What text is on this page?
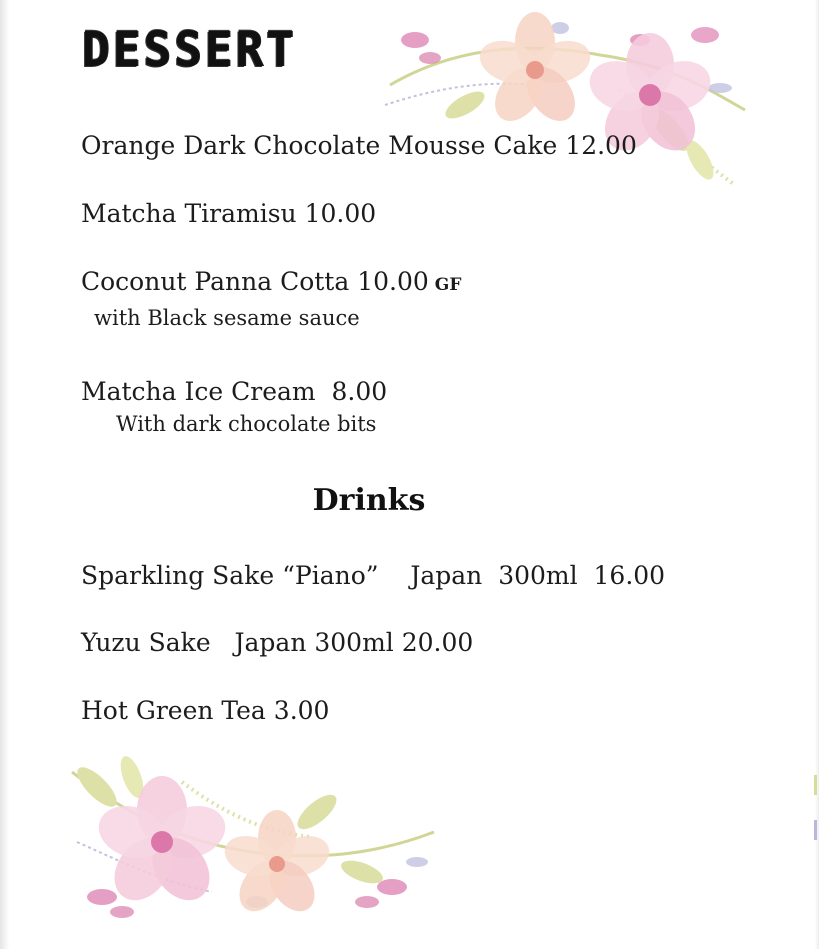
DESSERT
Orange Dark Chocolate Mousse Cake 12.00
Matcha Tiramisu 10.00
Coconut Panna Cotta 10.00 GF
with Black sesame sauce
Matcha Ice Cream 8.00
With dark chocolate bits
Drinks
Sparkling Sake “Piano” Japan 300ml 16.00
Yuzu Sake Japan 300ml 20.00
Hot Green Tea 3.00
